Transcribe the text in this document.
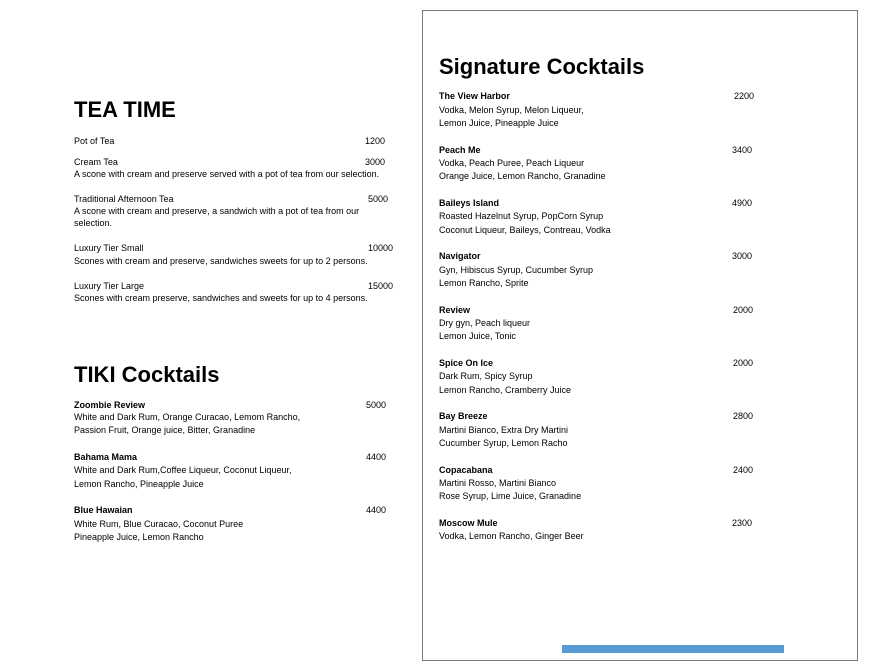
TEA TIME
Pot of Tea	1200
Cream Tea	3000
A scone with cream and preserve served with a pot of tea from our selection.
Traditional Afternoon Tea	5000
A scone with cream and preserve, a sandwich with a pot of tea from our
selection.
Luxury Tier Small	10000
Scones with cream and preserve, sandwiches sweets for up to 2 persons.
Luxury Tier Large	15000
Scones with cream preserve, sandwiches and sweets for up to 4 persons.
TIKI Cocktails
Zoombie Review	5000
White and Dark Rum, Orange Curacao, Lemom Rancho,
Passion Fruit, Orange juice, Bitter, Granadine
Bahama Mama	4400
White and Dark Rum,Coffee Liqueur, Coconut Liqueur,
Lemon Rancho, Pineapple Juice
Blue Hawaian	4400
White Rum, Blue Curacao, Coconut Puree
Pineapple Juice, Lemon Rancho
Signature Cocktails
The View Harbor	2200
Vodka, Melon Syrup, Melon Liqueur,
Lemon Juice, Pineapple Juice
Peach Me	3400
Vodka, Peach Puree, Peach Liqueur
Orange Juice, Lemon Rancho, Granadine
Baileys Island	4900
Roasted Hazelnut Syrup, PopCorn Syrup
Coconut Liqueur, Baileys, Contreau, Vodka
Navigator	3000
Gyn, Hibiscus Syrup, Cucumber Syrup
Lemon Rancho, Sprite
Review	2000
Dry gyn, Peach liqueur
Lemon Juice, Tonic
Spice On Ice	2000
Dark Rum, Spicy Syrup
Lemon Rancho, Cramberry Juice
Bay Breeze	2800
Martini Bianco, Extra Dry Martini
Cucumber Syrup, Lemon Racho
Copacabana	2400
Martini Rosso, Martini Bianco
Rose Syrup, Lime Juice, Granadine
Moscow Mule	2300
Vodka, Lemon Rancho, Ginger Beer
